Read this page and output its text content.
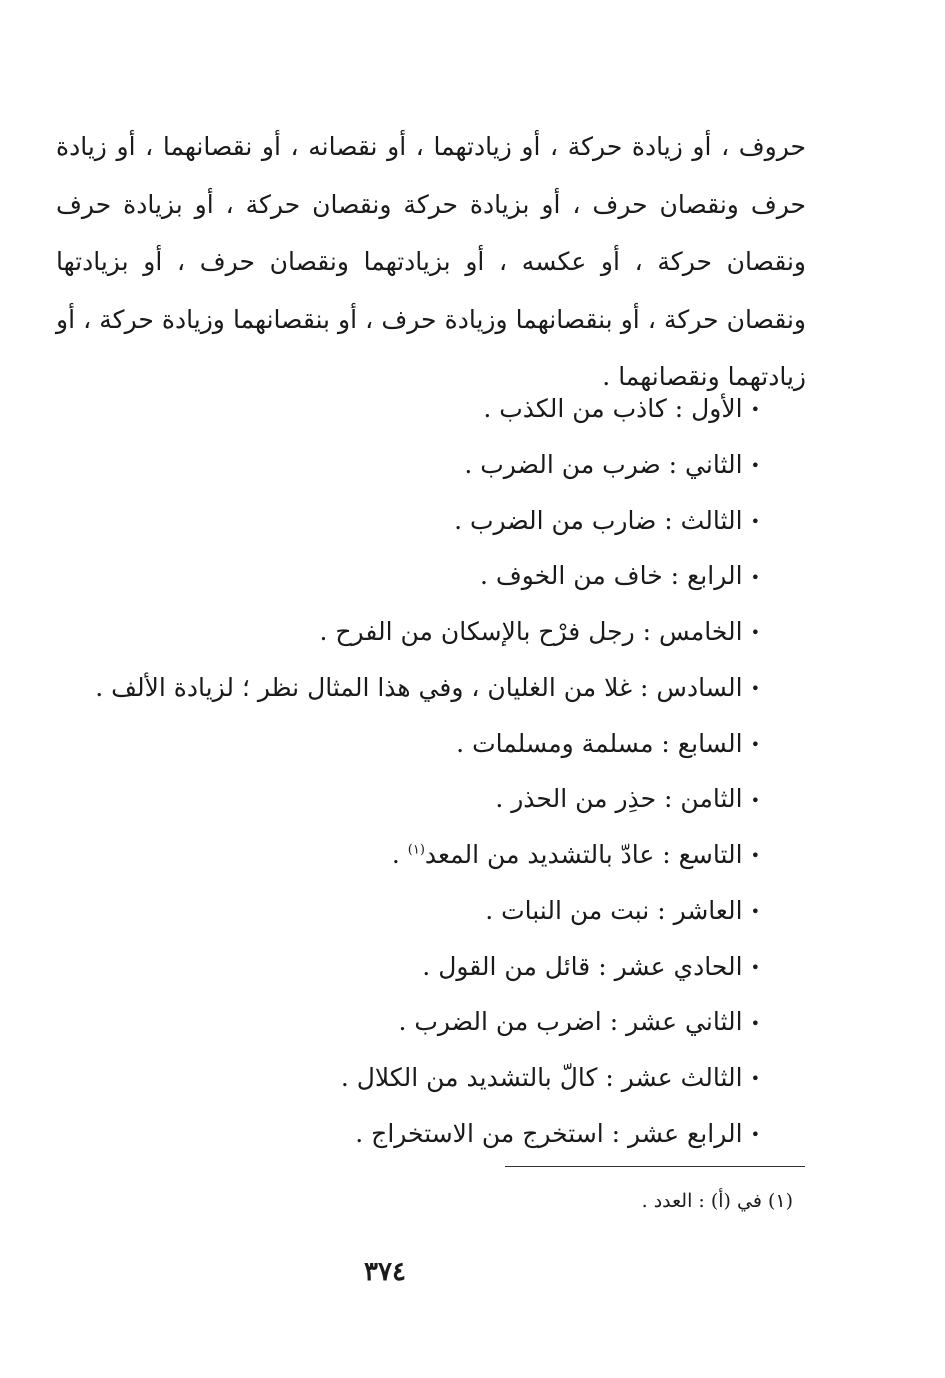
حروف ، أو زيادة حركة ، أو زيادتهما ، أو نقصانه ، أو نقصانهما ، أو زيادة حرف ونقصان حرف ، أو بزيادة حركة ونقصان حركة ، أو بزيادة حرف ونقصان حركة ، أو عكسه ، أو بزيادتهما ونقصان حرف ، أو بزيادتها ونقصان حركة ، أو بنقصانهما وزيادة حرف ، أو بنقصانهما وزيادة حركة ، أو زيادتهما ونقصانهما .

•الأول : كاذب من الكذب .
•الثاني : ضرب من الضرب .
•الثالث : ضارب من الضرب .
•الرابع : خاف من الخوف .
•الخامس : رجل فرْح بالإسكان من الفرح .
•السادس : غلا من الغليان ، وفي هذا المثال نظر ؛ لزيادة الألف .
•السابع : مسلمة ومسلمات .
•الثامن : حذِر من الحذر .
•التاسع : عادّ بالتشديد من المعد$^{(١)}$ .
•العاشر : نبت من النبات .
•الحادي عشر : قائل من القول .
•الثاني عشر : اضرب من الضرب .
•الثالث عشر : كالّ بالتشديد من الكلال .
•الرابع عشر : استخرج من الاستخراج .
(١) في (أ) : العدد .
٣٧٤
